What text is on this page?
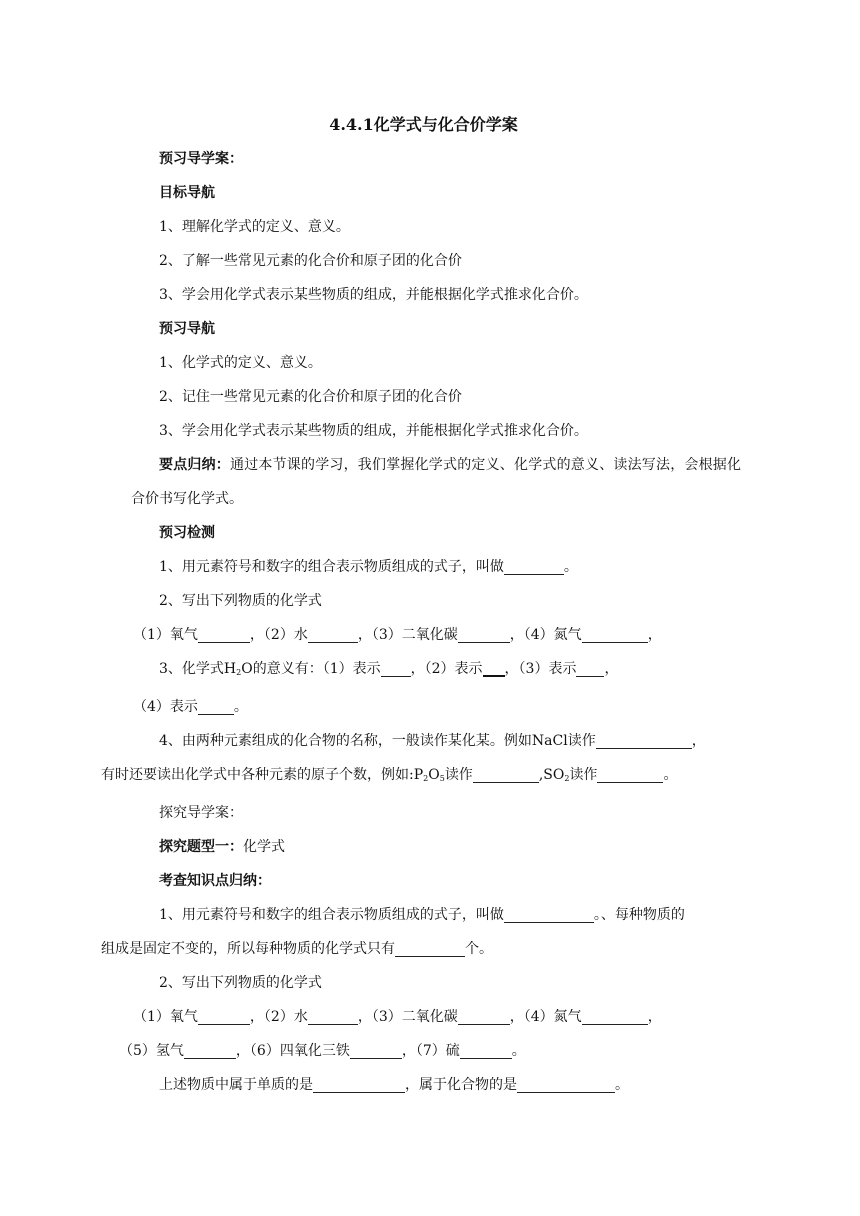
4.4.1化学式与化合价学案

预习导学案：

目标导航

1、理解化学式的定义、意义。

2、了解一些常见元素的化合价和原子团的化合价

3、学会用化学式表示某些物质的组成，并能根据化学式推求化合价。

预习导航

1、化学式的定义、意义。

2、记住一些常见元素的化合价和原子团的化合价

3、学会用化学式表示某些物质的组成，并能根据化学式推求化合价。

要点归纳：通过本节课的学习，我们掌握化学式的定义、化学式的意义、读法写法，会根据化合价书写化学式。

预习检测

1、用元素符号和数字的组合表示物质组成的式子，叫做	。

2、写出下列物质的化学式

（1）氧气	，（2）水	，（3）二氧化碳	，（4）氮气	，

3、化学式$H_2O$的意义有：（1）表示 ，（2）表示 ，（3）表示 ，

（4）表示	。

4、由两种元素组成的化合物的名称，一般读作某化某。例如NaCl读作	，

有时还要读出化学式中各种元素的原子个数，例如$:P_2O_5$读作	$,SO_2$读作	。

探究导学案：

探究题型一：化学式

考查知识点归纳：

1、用元素符号和数字的组合表示物质组成的式子，叫做	。、每种物质的

组成是固定不变的，所以每种物质的化学式只有	个。

2、写出下列物质的化学式

（1）氧气	，（2）水	，（3）二氧化碳	，（4）氮气	，

（5）氢气	，（6）四氧化三铁	，（7）硫	。

上述物质中属于单质的是	，属于化合物的是	。
